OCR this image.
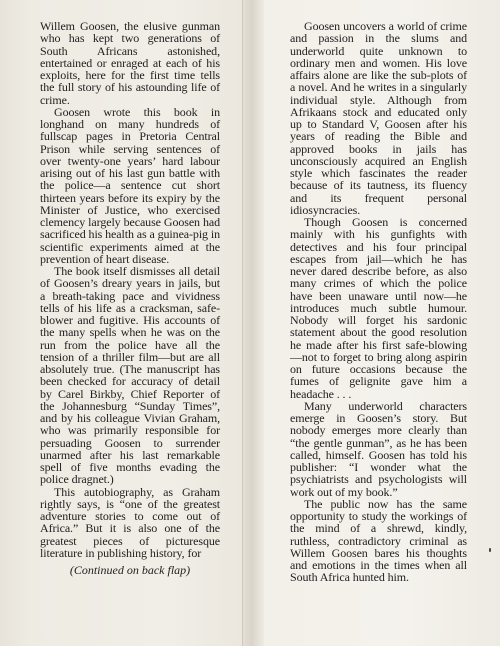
Willem Goosen, the elusive gunman who has kept two generations of South Africans astonished, entertained or enraged at each of his exploits, here for the first time tells the full story of his astounding life of crime.

Goosen wrote this book in longhand on many hundreds of fullscap pages in Pretoria Central Prison while serving sentences of over twenty-one years’ hard labour arising out of his last gun battle with the police—a sentence cut short thirteen years before its expiry by the Minister of Justice, who exercised clemency largely because Goosen had sacrificed his health as a guinea-pig in scientific experiments aimed at the prevention of heart disease.

The book itself dismisses all detail of Goosen’s dreary years in jails, but a breath-taking pace and vividness tells of his life as a cracksman, safe-blower and fugitive. His accounts of the many spells when he was on the run from the police have all the tension of a thriller film—but are all absolutely true. (The manuscript has been checked for accuracy of detail by Carel Birkby, Chief Reporter of the Johannesburg “Sunday Times”, and by his colleague Vivian Graham, who was primarily responsible for persuading Goosen to surrender unarmed after his last remarkable spell of five months evading the police dragnet.)

This autobiography, as Graham rightly says, is “one of the greatest adventure stories to come out of Africa.” But it is also one of the greatest pieces of picturesque literature in publishing history, for

(Continued on back flap)

Goosen uncovers a world of crime and passion in the slums and underworld quite unknown to ordinary men and women. His love affairs alone are like the sub-plots of a novel. And he writes in a singularly individual style. Although from Afrikaans stock and educated only up to Standard V, Goosen after his years of reading the Bible and approved books in jails has unconsciously acquired an English style which fascinates the reader because of its tautness, its fluency and its frequent personal idiosyncracies.

Though Goosen is concerned mainly with his gunfights with detectives and his four principal escapes from jail—which he has never dared describe before, as also many crimes of which the police have been unaware until now—he introduces much subtle humour. Nobody will forget his sardonic statement about the good resolution he made after his first safe-blowing—not to forget to bring along aspirin on future occasions because the fumes of gelignite gave him a headache . . .

Many underworld characters emerge in Goosen’s story. But nobody emerges more clearly than “the gentle gunman”, as he has been called, himself. Goosen has told his publisher: “I wonder what the psychiatrists and psychologists will work out of my book.”

The public now has the same opportunity to study the workings of the mind of a shrewd, kindly, ruthless, contradictory criminal as Willem Goosen bares his thoughts and emotions in the times when all South Africa hunted him.
